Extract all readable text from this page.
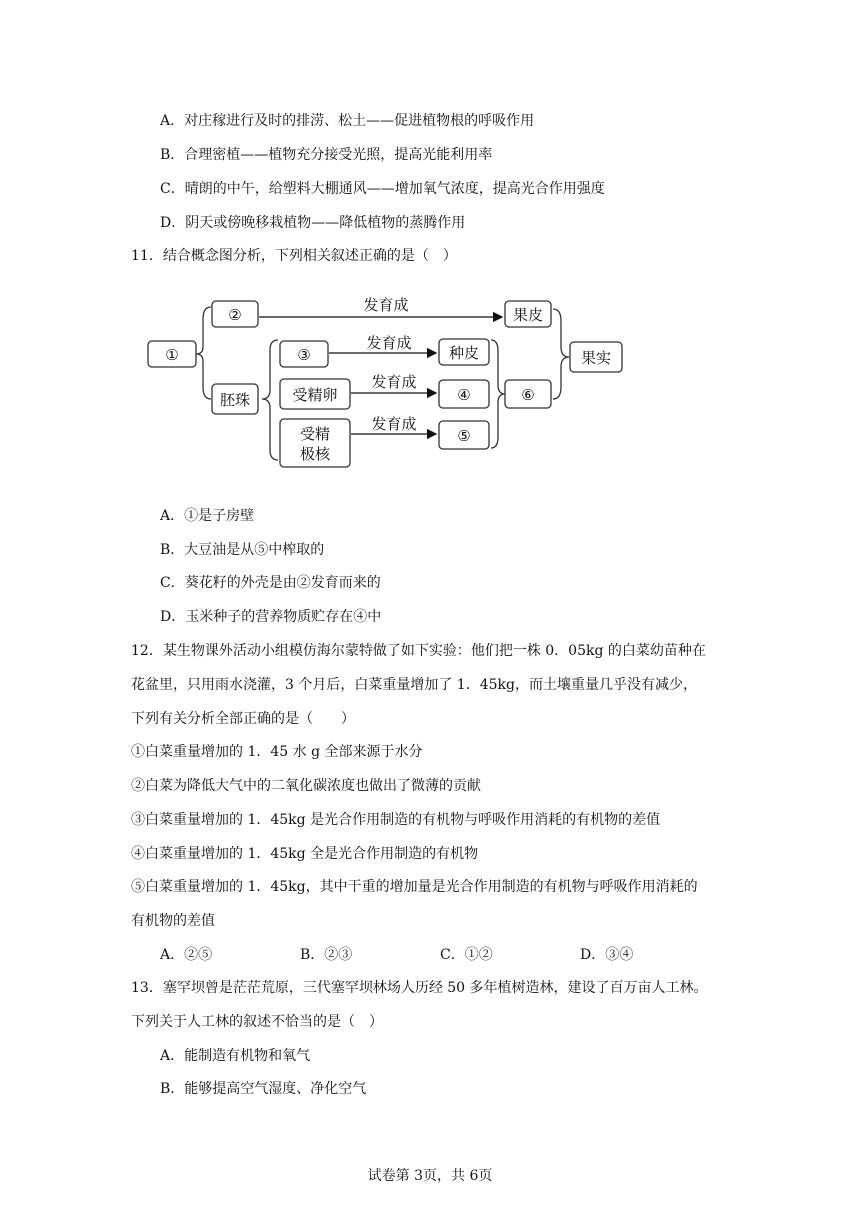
A．对庄稼进行及时的排涝、松土——促进植物根的呼吸作用
B．合理密植——植物充分接受光照，提高光能利用率
C．晴朗的中午，给塑料大棚通风——增加氧气浓度，提高光合作用强度
D．阴天或傍晚移栽植物——降低植物的蒸腾作用
11．结合概念图分析，下列相关叙述正确的是（　）
①
②
胚珠
③
受精卵
受精
极核
种皮
④
⑤
⑥
果皮
果实
发育成
发育成
发育成
发育成
A．①是子房壁
B．大豆油是从⑤中榨取的
C．葵花籽的外壳是由②发育而来的
D．玉米种子的营养物质贮存在④中
12．某生物课外活动小组模仿海尔蒙特做了如下实验：他们把一株 0．05kg 的白菜幼苗种在
花盆里，只用雨水浇灌，3 个月后，白菜重量增加了 1．45kg，而土壤重量几乎没有减少，
下列有关分析全部正确的是（　　）
①白菜重量增加的 1．45 水 g 全部来源于水分
②白菜为降低大气中的二氧化碳浓度也做出了微薄的贡献
③白菜重量增加的 1．45kg 是光合作用制造的有机物与呼吸作用消耗的有机物的差值
④白菜重量增加的 1．45kg 全是光合作用制造的有机物
⑤白菜重量增加的 1．45kg，其中干重的增加量是光合作用制造的有机物与呼吸作用消耗的
有机物的差值
A．②⑤	B．②③	C．①②	D．③④
13．塞罕坝曾是茫茫荒原，三代塞罕坝林场人历经 50 多年植树造林，建设了百万亩人工林。
下列关于人工林的叙述不恰当的是（　）
A．能制造有机物和氧气
B．能够提高空气湿度、净化空气
试卷第 3页，共 6页
